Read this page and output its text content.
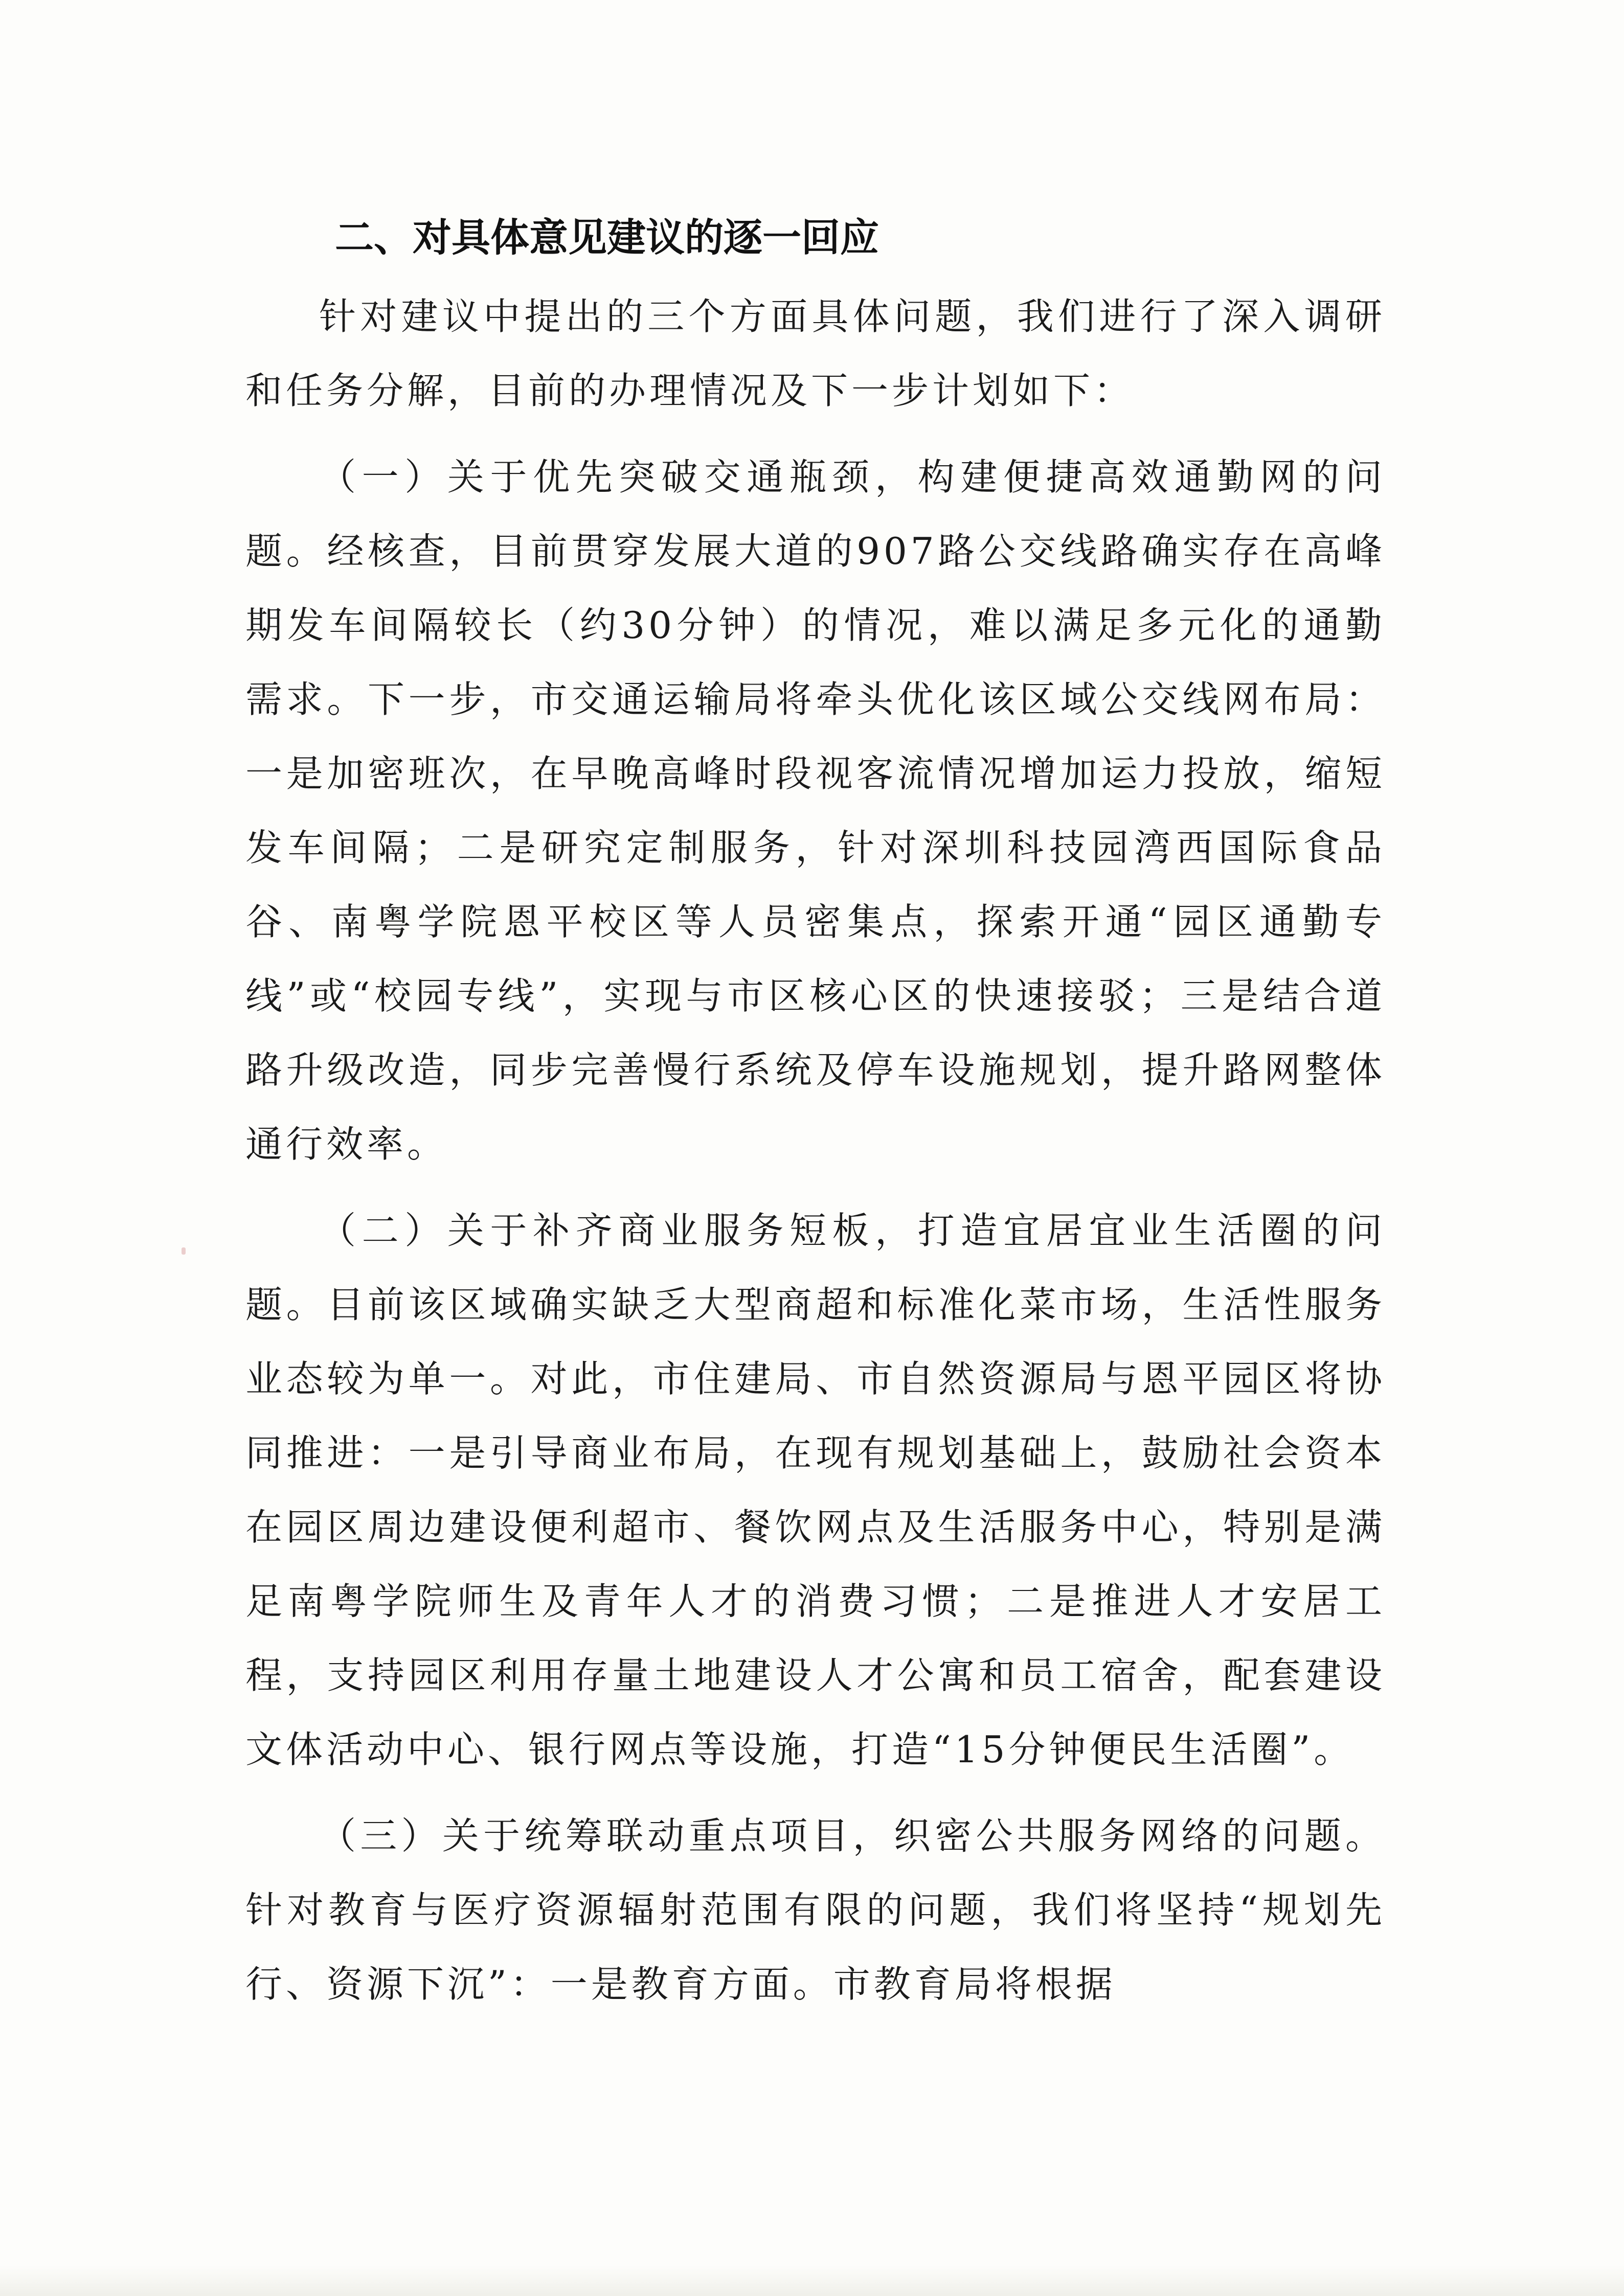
二、对具体意见建议的逐一回应

针对建议中提出的三个方面具体问题，我们进行了深入调研和任务分解，目前的办理情况及下一步计划如下：

（一）关于优先突破交通瓶颈，构建便捷高效通勤网的问题。经核查，目前贯穿发展大道的907路公交线路确实存在高峰期发车间隔较长（约30分钟）的情况，难以满足多元化的通勤需求。下一步，市交通运输局将牵头优化该区域公交线网布局：一是加密班次，在早晚高峰时段视客流情况增加运力投放，缩短发车间隔；二是研究定制服务，针对深圳科技园湾西国际食品谷、南粤学院恩平校区等人员密集点，探索开通“园区通勤专线”或“校园专线”，实现与市区核心区的快速接驳；三是结合道路升级改造，同步完善慢行系统及停车设施规划，提升路网整体通行效率。

（二）关于补齐商业服务短板，打造宜居宜业生活圈的问题。目前该区域确实缺乏大型商超和标准化菜市场，生活性服务业态较为单一。对此，市住建局、市自然资源局与恩平园区将协同推进：一是引导商业布局，在现有规划基础上，鼓励社会资本在园区周边建设便利超市、餐饮网点及生活服务中心，特别是满足南粤学院师生及青年人才的消费习惯；二是推进人才安居工程，支持园区利用存量土地建设人才公寓和员工宿舍，配套建设文体活动中心、银行网点等设施，打造“15分钟便民生活圈”。

（三）关于统筹联动重点项目，织密公共服务网络的问题。针对教育与医疗资源辐射范围有限的问题，我们将坚持“规划先行、资源下沉”：一是教育方面。市教育局将根据
